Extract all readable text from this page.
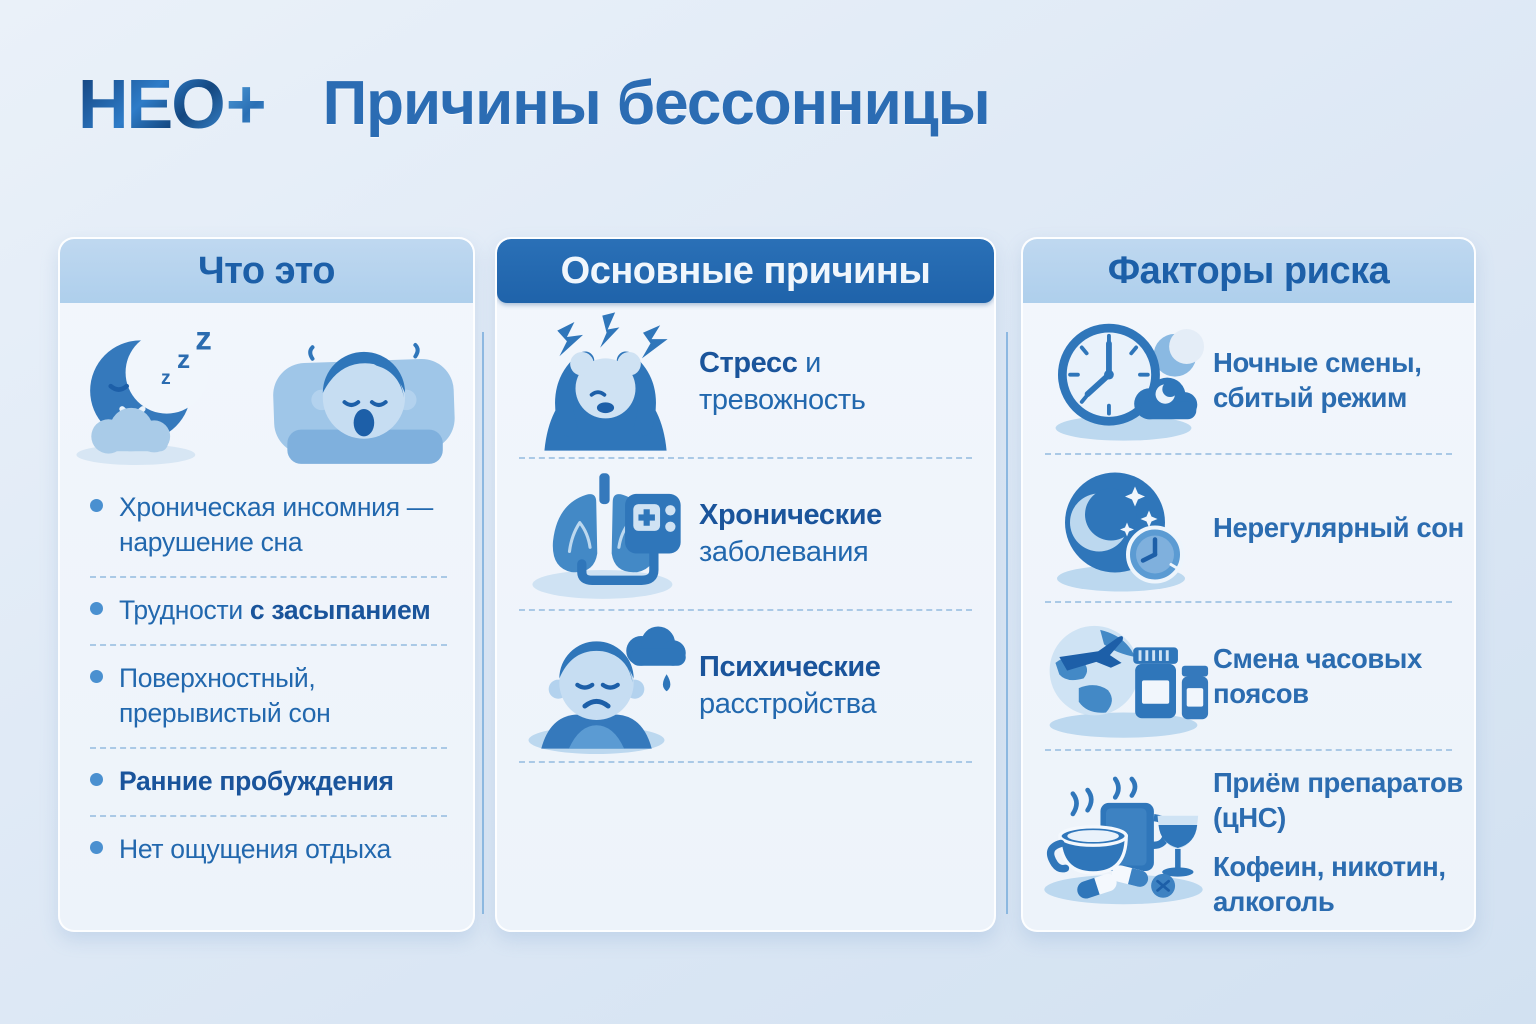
НЕО + Причины бессонницы
Что это
z
z
z
Хроническая инсомния — нарушение сна
Трудности с засыпанием
Поверхностный, прерывистый сон
Ранние пробуждения
Нет ощущения отдыха
Основные причины
Стресс и тревожность
Хронические заболевания
Психические расстройства
Факторы риска
Ночные смены,
сбитый режим
Нерегулярный сон
Смена часовых поясов
Приём препаратов (цНС)
Кофеин, никотин,
алкоголь
